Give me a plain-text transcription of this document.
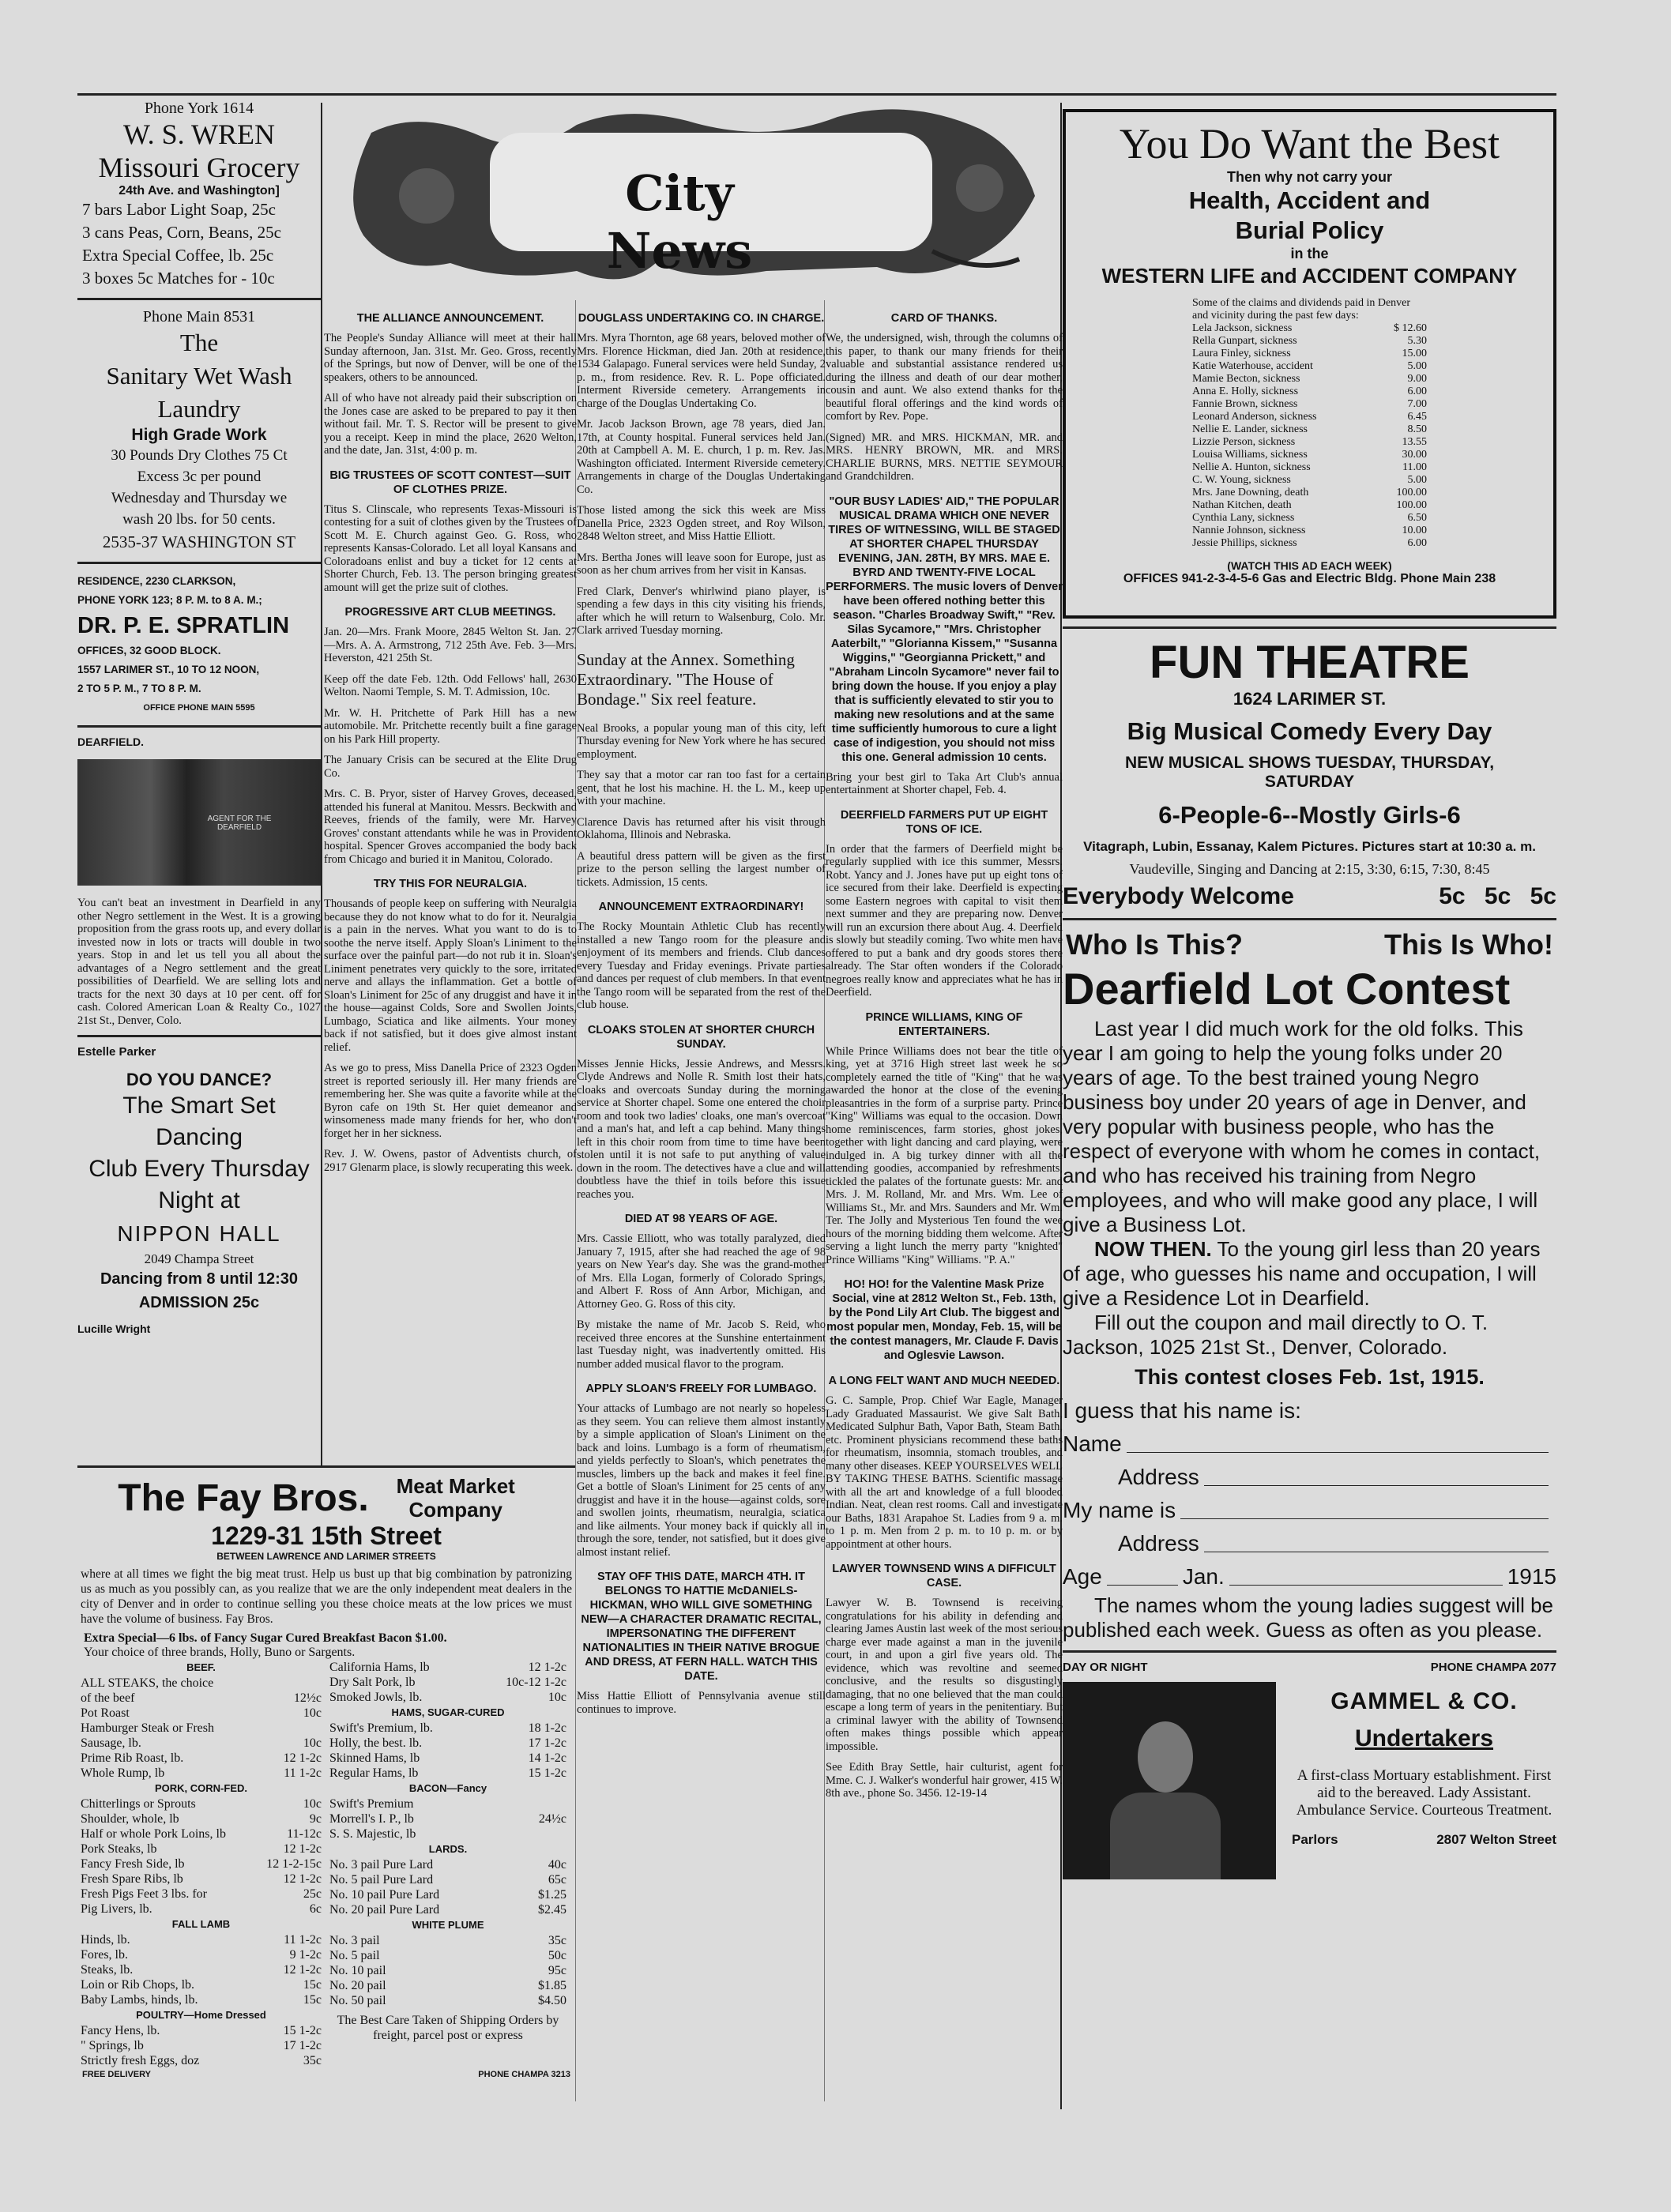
Phone York 1614
W. S. WREN
Missouri Grocery
24th Ave. and Washington]
7 bars Labor Light Soap, 25c
3 cans Peas, Corn, Beans, 25c
Extra Special Coffee, lb. 25c
3 boxes 5c Matches for - 10c
Phone Main 8531
The
Sanitary Wet Wash
Laundry
High Grade Work
30 Pounds Dry Clothes 75 Ct
Excess 3c per pound
Wednesday and Thursday we
wash 20 lbs. for 50 cents.
2535-37 WASHINGTON ST
RESIDENCE, 2230 CLARKSON,
PHONE YORK 123; 8 P. M. to 8 A. M.;
DR. P. E. SPRATLIN
OFFICES, 32 GOOD BLOCK.
1557 LARIMER ST., 10 TO 12 NOON,
2 TO 5 P. M., 7 TO 8 P. M.
OFFICE PHONE MAIN 5595
DEARFIELD.
AGENT FOR THE DEARFIELD

You can't beat an investment in Dearfield in any other Negro settlement in the West. It is a growing proposition from the grass roots up, and every dollar invested now in lots or tracts will double in two years. Stop in and let us tell you all about the advantages of a Negro settlement and the great possibilities of Dearfield. We are selling lots and tracts for the next 30 days at 10 per cent. off for cash. Colored American Loan & Realty Co., 1027 21st St., Denver, Colo.

Estelle Parker
DO YOU DANCE?
The Smart Set Dancing
Club Every Thursday
Night at
NIPPON HALL
2049 Champa Street
Dancing from 8 until 12:30
ADMISSION 25c
Lucille Wright
The Fay Bros.	Meat Market Company
1229-31 15th Street
BETWEEN LAWRENCE AND LARIMER STREETS

where at all times we fight the big meat trust. Help us bust up that big combination by patronizing us as much as you possibly can, as you realize that we are the only independent meat dealers in the city of Denver and in order to continue selling you these choice meats at the low prices we must have the volume of business. Fay Bros.

Extra Special—6 lbs. of Fancy Sugar Cured Breakfast Bacon $1.00.
Your choice of three brands, Holly, Buno or Sargents.
BEEF.
ALL STEAKS, the choice
of the beef	12½c
Pot Roast	10c
Hamburger Steak or Fresh
Sausage, lb.	10c
Prime Rib Roast, lb.	12 1-2c
Whole Rump, lb	11 1-2c
PORK, CORN-FED.
Chitterlings or Sprouts	10c
Shoulder, whole, lb	9c
Half or whole Pork Loins, lb	11-12c
Pork Steaks, lb	12 1-2c
Fancy Fresh Side, lb	12 1-2-15c
Fresh Spare Ribs, lb	12 1-2c
Fresh Pigs Feet 3 lbs. for	25c
Pig Livers, lb.	6c
FALL LAMB
Hinds, lb.	11 1-2c
Fores, lb.	9 1-2c
Steaks, lb.	12 1-2c
Loin or Rib Chops, lb.	15c
Baby Lambs, hinds, lb.	15c
POULTRY—Home Dressed
Fancy Hens, lb.	15 1-2c
" Springs, lb	17 1-2c
Strictly fresh Eggs, doz	35c
California Hams, lb	12 1-2c
Dry Salt Pork, lb	10c-12 1-2c
Smoked Jowls, lb.	10c
HAMS, SUGAR-CURED
Swift's Premium, lb.	18 1-2c
Holly, the best. lb.	17 1-2c
Skinned Hams, lb	14 1-2c
Regular Hams, lb	15 1-2c
BACON—Fancy
Swift's Premium
Morrell's I. P., lb	24½c
S. S. Majestic, lb
LARDS.
No. 3 pail Pure Lard	40c
No. 5 pail Pure Lard	65c
No. 10 pail Pure Lard	$1.25
No. 20 pail Pure Lard	$2.45
WHITE PLUME
No. 3 pail	35c
No. 5 pail	50c
No. 10 pail	95c
No. 20 pail	$1.85
No. 50 pail	$4.50
The Best Care Taken of Shipping Orders by freight, parcel post or express
FREE DELIVERY	PHONE CHAMPA 3213
City News
THE ALLIANCE ANNOUNCEMENT.

The People's Sunday Alliance will meet at their hall Sunday afternoon, Jan. 31st. Mr. Geo. Gross, recently of the Springs, but now of Denver, will be one of the speakers, others to be announced.

All of who have not already paid their subscription on the Jones case are asked to be prepared to pay it then without fail. Mr. T. S. Rector will be present to give you a receipt. Keep in mind the place, 2620 Welton, and the date, Jan. 31st, 4:00 p. m.

BIG TRUSTEES OF SCOTT CONTEST—SUIT OF CLOTHES PRIZE.

Titus S. Clinscale, who represents Texas-Missouri is contesting for a suit of clothes given by the Trustees of Scott M. E. Church against Geo. G. Ross, who represents Kansas-Colorado. Let all loyal Kansans and Coloradoans enlist and buy a ticket for 12 cents at Shorter Church, Feb. 13. The person bringing greatest amount will get the prize suit of clothes.

PROGRESSIVE ART CLUB MEETINGS.

Jan. 20—Mrs. Frank Moore, 2845 Welton St. Jan. 27—Mrs. A. A. Armstrong, 712 25th Ave. Feb. 3—Mrs. Heverston, 421 25th St.

Keep off the date Feb. 12th. Odd Fellows' hall, 2630 Welton. Naomi Temple, S. M. T. Admission, 10c.

Mr. W. H. Pritchette of Park Hill has a new automobile. Mr. Pritchette recently built a fine garage on his Park Hill property.

The January Crisis can be secured at the Elite Drug Co.

Mrs. C. B. Pryor, sister of Harvey Groves, deceased, attended his funeral at Manitou. Messrs. Beckwith and Reeves, friends of the family, were Mr. Harvey Groves' constant attendants while he was in Provident hospital. Spencer Groves accompanied the body back from Chicago and buried it in Manitou, Colorado.

TRY THIS FOR NEURALGIA.

Thousands of people keep on suffering with Neuralgia because they do not know what to do for it. Neuralgia is a pain in the nerves. What you want to do is to soothe the nerve itself. Apply Sloan's Liniment to the surface over the painful part—do not rub it in. Sloan's Liniment penetrates very quickly to the sore, irritated nerve and allays the inflammation. Get a bottle of Sloan's Liniment for 25c of any druggist and have it in the house—against Colds, Sore and Swollen Joints, Lumbago, Sciatica and like ailments. Your money back if not satisfied, but it does give almost instant relief.

As we go to press, Miss Danella Price of 2323 Ogden street is reported seriously ill. Her many friends are remembering her. She was quite a favorite while at the Byron cafe on 19th St. Her quiet demeanor and winsomeness made many friends for her, who don't forget her in her sickness.

Rev. J. W. Owens, pastor of Adventists church, of 2917 Glenarm place, is slowly recuperating this week.

DOUGLASS UNDERTAKING CO. IN CHARGE.

Mrs. Myra Thornton, age 68 years, beloved mother of Mrs. Florence Hickman, died Jan. 20th at residence, 1534 Galapago. Funeral services were held Sunday, 2 p. m., from residence. Rev. R. L. Pope officiated. Interment Riverside cemetery. Arrangements in charge of the Douglas Undertaking Co.

Mr. Jacob Jackson Brown, age 78 years, died Jan. 17th, at County hospital. Funeral services held Jan. 20th at Campbell A. M. E. church, 1 p. m. Rev. Jas. Washington officiated. Interment Riverside cemetery. Arrangements in charge of the Douglas Undertaking Co.

Those listed among the sick this week are Miss Danella Price, 2323 Ogden street, and Roy Wilson, 2848 Welton street, and Miss Hattie Elliott.

Mrs. Bertha Jones will leave soon for Europe, just as soon as her chum arrives from her visit in Kansas.

Fred Clark, Denver's whirlwind piano player, is spending a few days in this city visiting his friends, after which he will return to Walsenburg, Colo. Mr. Clark arrived Tuesday morning.

Sunday at the Annex. Something Extraordinary. "The House of Bondage." Six reel feature.

Neal Brooks, a popular young man of this city, left Thursday evening for New York where he has secured employment.

They say that a motor car ran too fast for a certain gent, that he lost his machine. H. the L. M., keep up with your machine.

Clarence Davis has returned after his visit through Oklahoma, Illinois and Nebraska.

A beautiful dress pattern will be given as the first prize to the person selling the largest number of tickets. Admission, 15 cents.

ANNOUNCEMENT EXTRAORDINARY!

The Rocky Mountain Athletic Club has recently installed a new Tango room for the pleasure and enjoyment of its members and friends. Club dances every Tuesday and Friday evenings. Private parties and dances per request of club members. In that event the Tango room will be separated from the rest of the club house.

CLOAKS STOLEN AT SHORTER CHURCH SUNDAY.

Misses Jennie Hicks, Jessie Andrews, and Messrs. Clyde Andrews and Nolle R. Smith lost their hats, cloaks and overcoats Sunday during the morning service at Shorter chapel. Some one entered the choir room and took two ladies' cloaks, one man's overcoat and a man's hat, and left a cap behind. Many things left in this choir room from time to time have been stolen until it is not safe to put anything of value down in the room. The detectives have a clue and will doubtless have the thief in toils before this issue reaches you.

DIED AT 98 YEARS OF AGE.

Mrs. Cassie Elliott, who was totally paralyzed, died January 7, 1915, after she had reached the age of 98 years on New Year's day. She was the grand-mother of Mrs. Ella Logan, formerly of Colorado Springs, and Albert F. Ross of Ann Arbor, Michigan, and Attorney Geo. G. Ross of this city.

By mistake the name of Mr. Jacob S. Reid, who received three encores at the Sunshine entertainment last Tuesday night, was inadvertently omitted. His number added musical flavor to the program.

APPLY SLOAN'S FREELY FOR LUMBAGO.

Your attacks of Lumbago are not nearly so hopeless as they seem. You can relieve them almost instantly by a simple application of Sloan's Liniment on the back and loins. Lumbago is a form of rheumatism, and yields perfectly to Sloan's, which penetrates the muscles, limbers up the back and makes it feel fine. Get a bottle of Sloan's Liniment for 25 cents of any druggist and have it in the house—against colds, sore and swollen joints, rheumatism, neuralgia, sciatica and like ailments. Your money back if quickly all in through the sore, tender, not satisfied, but it does give almost instant relief.

STAY OFF THIS DATE, MARCH 4TH. IT BELONGS TO HATTIE McDANIELS-HICKMAN, WHO WILL GIVE SOMETHING NEW—A CHARACTER DRAMATIC RECITAL, IMPERSONATING THE DIFFERENT NATIONALITIES IN THEIR NATIVE BROGUE AND DRESS, AT FERN HALL. WATCH THIS DATE.

Miss Hattie Elliott of Pennsylvania avenue still continues to improve.

CARD OF THANKS.

We, the undersigned, wish, through the columns of this paper, to thank our many friends for their valuable and substantial assistance rendered us during the illness and death of our dear mother, cousin and aunt. We also extend thanks for the beautiful floral offerings and the kind words of comfort by Rev. Pope.

(Signed) MR. and MRS. HICKMAN, MR. and MRS. HENRY BROWN, MR. and MRS. CHARLIE BURNS, MRS. NETTIE SEYMOUR and Grandchildren.

"OUR BUSY LADIES' AID," THE POPULAR MUSICAL DRAMA WHICH ONE NEVER TIRES OF WITNESSING, WILL BE STAGED AT SHORTER CHAPEL THURSDAY EVENING, JAN. 28TH, BY MRS. MAE E. BYRD AND TWENTY-FIVE LOCAL PERFORMERS. The music lovers of Denver have been offered nothing better this season. "Charles Broadway Swift," "Rev. Silas Sycamore," "Mrs. Christopher Aaterbilt," "Glorianna Kissem," "Susanna Wiggins," "Georgianna Prickett," and "Abraham Lincoln Sycamore" never fail to bring down the house. If you enjoy a play that is sufficiently elevated to stir you to making new resolutions and at the same time sufficiently humorous to cure a light case of indigestion, you should not miss this one. General admission 10 cents.

Bring your best girl to Taka Art Club's annual entertainment at Shorter chapel, Feb. 4.

DEERFIELD FARMERS PUT UP EIGHT TONS OF ICE.

In order that the farmers of Deerfield might be regularly supplied with ice this summer, Messrs. Robt. Yancy and J. Jones have put up eight tons of ice secured from their lake. Deerfield is expecting some Eastern negroes with capital to visit them next summer and they are preparing now. Denver will run an excursion there about Aug. 4. Deerfield is slowly but steadily coming. Two white men have offered to put a bank and dry goods stores there already. The Star often wonders if the Colorado negroes really know and appreciates what he has in Deerfield.

PRINCE WILLIAMS, KING OF ENTERTAINERS.

While Prince Williams does not bear the title of king, yet at 3716 High street last week he so completely earned the title of "King" that he was awarded the honor at the close of the evening pleasantries in the form of a surprise party. Prince "King" Williams was equal to the occasion. Down home reminiscences, farm stories, ghost jokes, together with light dancing and card playing, were indulged in. A big turkey dinner with all the attending goodies, accompanied by refreshments, tickled the palates of the fortunate guests: Mr. and Mrs. J. M. Rolland, Mr. and Mrs. Wm. Lee of Williams St., Mr. and Mrs. Saunders and Mr. Wm. Ter. The Jolly and Mysterious Ten found the wee hours of the morning bidding them welcome. After serving a light lunch the merry party "knighted" Prince Williams "King" Williams. "P. A."

HO! HO! for the Valentine Mask Prize Social, vine at 2812 Welton St., Feb. 13th, by the Pond Lily Art Club. The biggest and most popular men, Monday, Feb. 15, will be the contest managers, Mr. Claude F. Davis and Oglesvie Lawson.
A LONG FELT WANT AND MUCH NEEDED.

G. C. Sample, Prop. Chief War Eagle, Manager Lady Graduated Massaurist. We give Salt Bath, Medicated Sulphur Bath, Vapor Bath, Steam Bath, etc. Prominent physicians recommend these baths for rheumatism, insomnia, stomach troubles, and many other diseases. KEEP YOURSELVES WELL BY TAKING THESE BATHS. Scientific massage with all the art and knowledge of a full blooded Indian. Neat, clean rest rooms. Call and investigate our Baths, 1831 Arapahoe St. Ladies from 9 a. m. to 1 p. m. Men from 2 p. m. to 10 p. m. or by appointment at other hours.

LAWYER TOWNSEND WINS A DIFFICULT CASE.

Lawyer W. B. Townsend is receiving congratulations for his ability in defending and clearing James Austin last week of the most serious charge ever made against a man in the juvenile court, in and upon a girl five years old. The evidence, which was revoltine and seemed conclusive, and the results so disgustingly damaging, that no one believed that the man could escape a long term of years in the penitentiary. But a criminal lawyer with the ability of Townsend often makes things possible which appear impossible.

See Edith Bray Settle, hair culturist, agent for Mme. C. J. Walker's wonderful hair grower, 415 W. 8th ave., phone So. 3456. 12-19-14

You Do Want the Best
Then why not carry your
Health, Accident and
Burial Policy
in the
WESTERN LIFE and ACCIDENT COMPANY
Some of the claims and dividends paid in Denver and vicinity during the past few days:
Lela Jackson, sickness	$ 12.60
Rella Gunpart, sickness	5.30
Laura Finley, sickness	15.00
Katie Waterhouse, accident	5.00
Mamie Becton, sickness	9.00
Anna E. Holly, sickness	6.00
Fannie Brown, sickness	7.00
Leonard Anderson, sickness	6.45
Nellie E. Lander, sickness	8.50
Lizzie Person, sickness	13.55
Louisa Williams, sickness	30.00
Nellie A. Hunton, sickness	11.00
C. W. Young, sickness	5.00
Mrs. Jane Downing, death	100.00
Nathan Kitchen, death	100.00
Cynthia Lany, sickness	6.50
Nannie Johnson, sickness	10.00
Jessie Phillips, sickness	6.00
(WATCH THIS AD EACH WEEK)
OFFICES 941-2-3-4-5-6 Gas and Electric Bldg. Phone Main 238
FUN THEATRE
1624 LARIMER ST.
Big Musical Comedy Every Day
NEW MUSICAL SHOWS TUESDAY, THURSDAY, SATURDAY
6-People-6--Mostly Girls-6
Vitagraph, Lubin, Essanay, Kalem Pictures. Pictures start at 10:30 a. m.
Vaudeville, Singing and Dancing at 2:15, 3:30, 6:15, 7:30, 8:45
Everybody Welcome	5c 5c 5c
Who Is This?	This Is Who!
Dearfield Lot Contest

Last year I did much work for the old folks. This year I am going to help the young folks under 20 years of age. To the best trained young Negro business boy under 20 years of age in Denver, and very popular with business people, who has the respect of everyone with whom he comes in contact, and who has received his training from Negro employees, and who will make good any place, I will give a Business Lot.

NOW THEN. To the young girl less than 20 years of age, who guesses his name and occupation, I will give a Residence Lot in Dearfield.

Fill out the coupon and mail directly to O. T. Jackson, 1025 21st St., Denver, Colorado.

This contest closes Feb. 1st, 1915.
I guess that his name is:
Name
Address
My name is
Address
Age	Jan.	1915

The names whom the young ladies suggest will be published each week. Guess as often as you please.

DAY OR NIGHT	PHONE CHAMPA 2077
GAMMEL & CO.
Undertakers
A first-class Mortuary establishment. First aid to the bereaved. Lady Assistant. Ambulance Service. Courteous Treatment.
Parlors	2807 Welton Street
